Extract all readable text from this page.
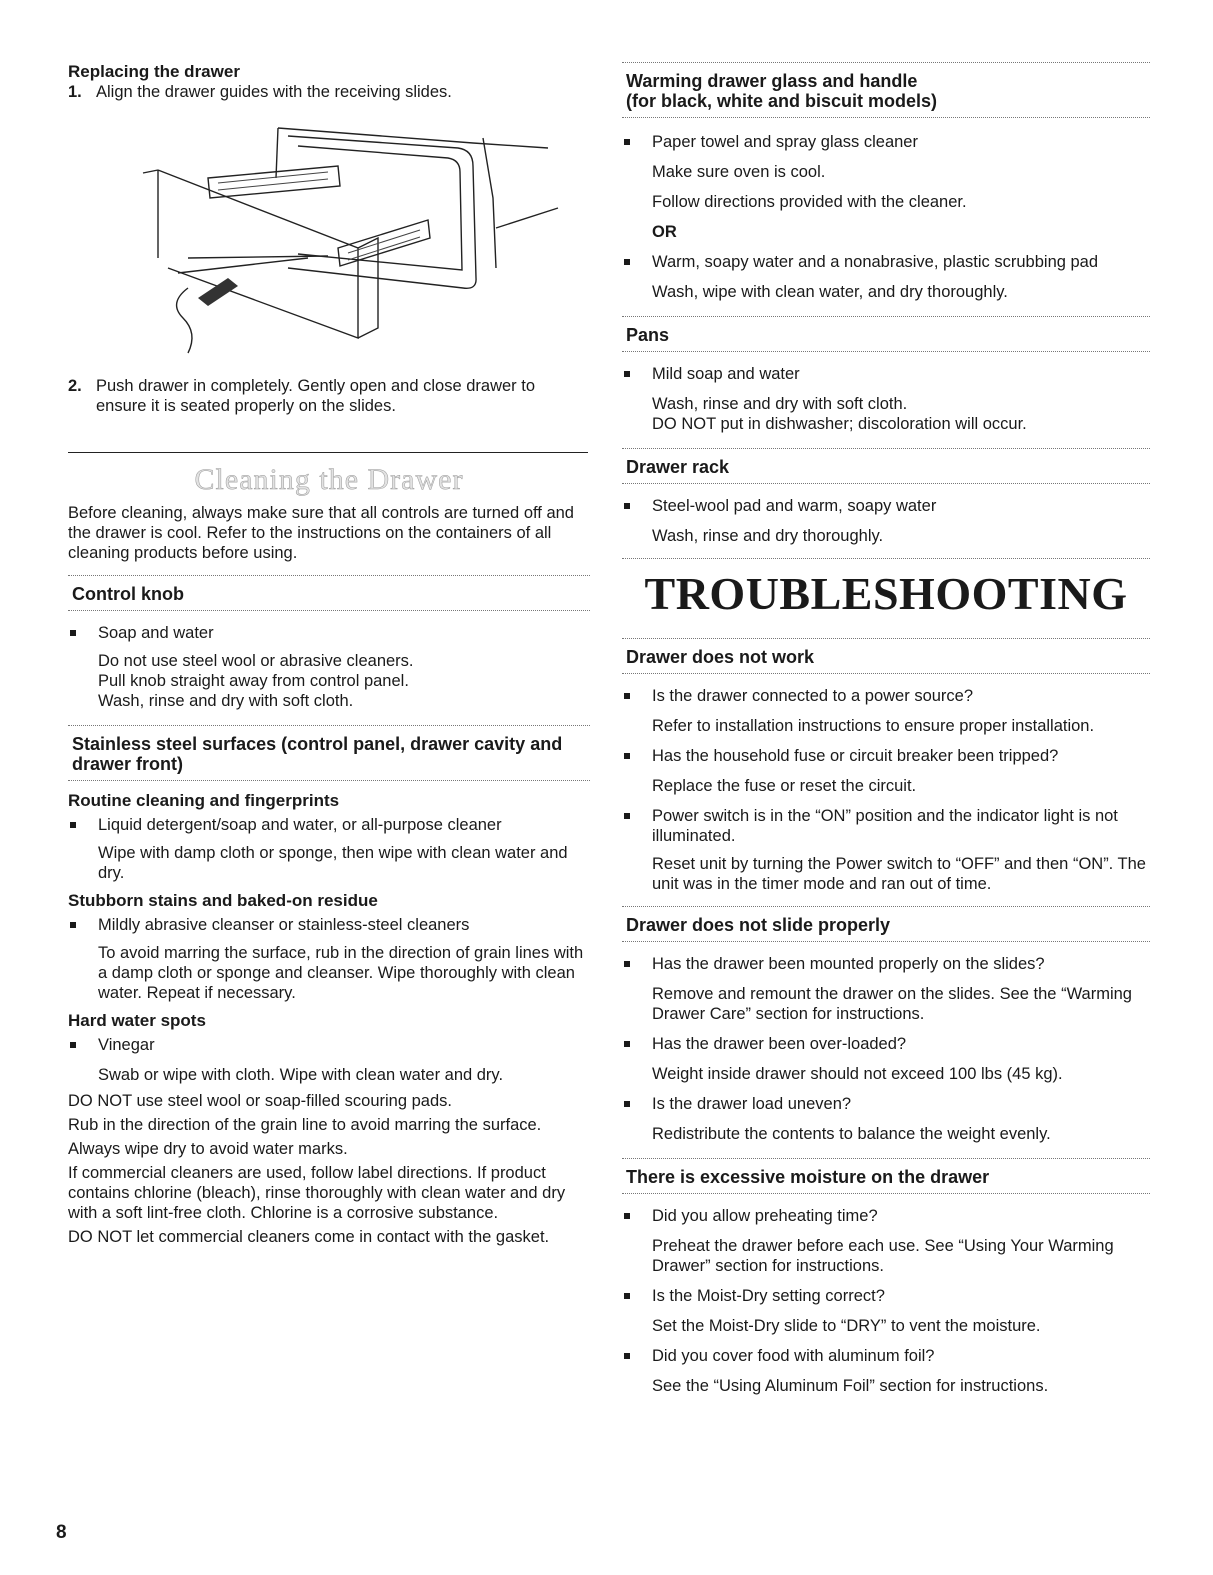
Replacing the drawer
1. Align the drawer guides with the receiving slides.
2. Push drawer in completely. Gently open and close drawer to ensure it is seated properly on the slides.
Cleaning the Drawer
Before cleaning, always make sure that all controls are turned off and the drawer is cool. Refer to the instructions on the containers of all cleaning products before using.
Control knob
Soap and water
Do not use steel wool or abrasive cleaners.
Pull knob straight away from control panel.
Wash, rinse and dry with soft cloth.
Stainless steel surfaces (control panel, drawer cavity and drawer front)
Routine cleaning and fingerprints
Liquid detergent/soap and water, or all-purpose cleaner
Wipe with damp cloth or sponge, then wipe with clean water and dry.
Stubborn stains and baked-on residue
Mildly abrasive cleanser or stainless-steel cleaners
To avoid marring the surface, rub in the direction of grain lines with a damp cloth or sponge and cleanser. Wipe thoroughly with clean water. Repeat if necessary.
Hard water spots
Vinegar
Swab or wipe with cloth. Wipe with clean water and dry.
DO NOT use steel wool or soap-filled scouring pads.
Rub in the direction of the grain line to avoid marring the surface.
Always wipe dry to avoid water marks.
If commercial cleaners are used, follow label directions. If product contains chlorine (bleach), rinse thoroughly with clean water and dry with a soft lint-free cloth. Chlorine is a corrosive substance.
DO NOT let commercial cleaners come in contact with the gasket.
Warming drawer glass and handle
(for black, white and biscuit models)
Paper towel and spray glass cleaner
Make sure oven is cool.
Follow directions provided with the cleaner.
OR
Warm, soapy water and a nonabrasive, plastic scrubbing pad
Wash, wipe with clean water, and dry thoroughly.
Pans
Mild soap and water
Wash, rinse and dry with soft cloth.
DO NOT put in dishwasher; discoloration will occur.
Drawer rack
Steel-wool pad and warm, soapy water
Wash, rinse and dry thoroughly.
TROUBLESHOOTING
Drawer does not work
Is the drawer connected to a power source?
Refer to installation instructions to ensure proper installation.
Has the household fuse or circuit breaker been tripped?
Replace the fuse or reset the circuit.
Power switch is in the “ON” position and the indicator light is not illuminated.
Reset unit by turning the Power switch to “OFF” and then “ON”. The unit was in the timer mode and ran out of time.
Drawer does not slide properly
Has the drawer been mounted properly on the slides?
Remove and remount the drawer on the slides. See the “Warming Drawer Care” section for instructions.
Has the drawer been over-loaded?
Weight inside drawer should not exceed 100 lbs (45 kg).
Is the drawer load uneven?
Redistribute the contents to balance the weight evenly.
There is excessive moisture on the drawer
Did you allow preheating time?
Preheat the drawer before each use. See “Using Your Warming Drawer” section for instructions.
Is the Moist-Dry setting correct?
Set the Moist-Dry slide to “DRY” to vent the moisture.
Did you cover food with aluminum foil?
See the “Using Aluminum Foil” section for instructions.
8
